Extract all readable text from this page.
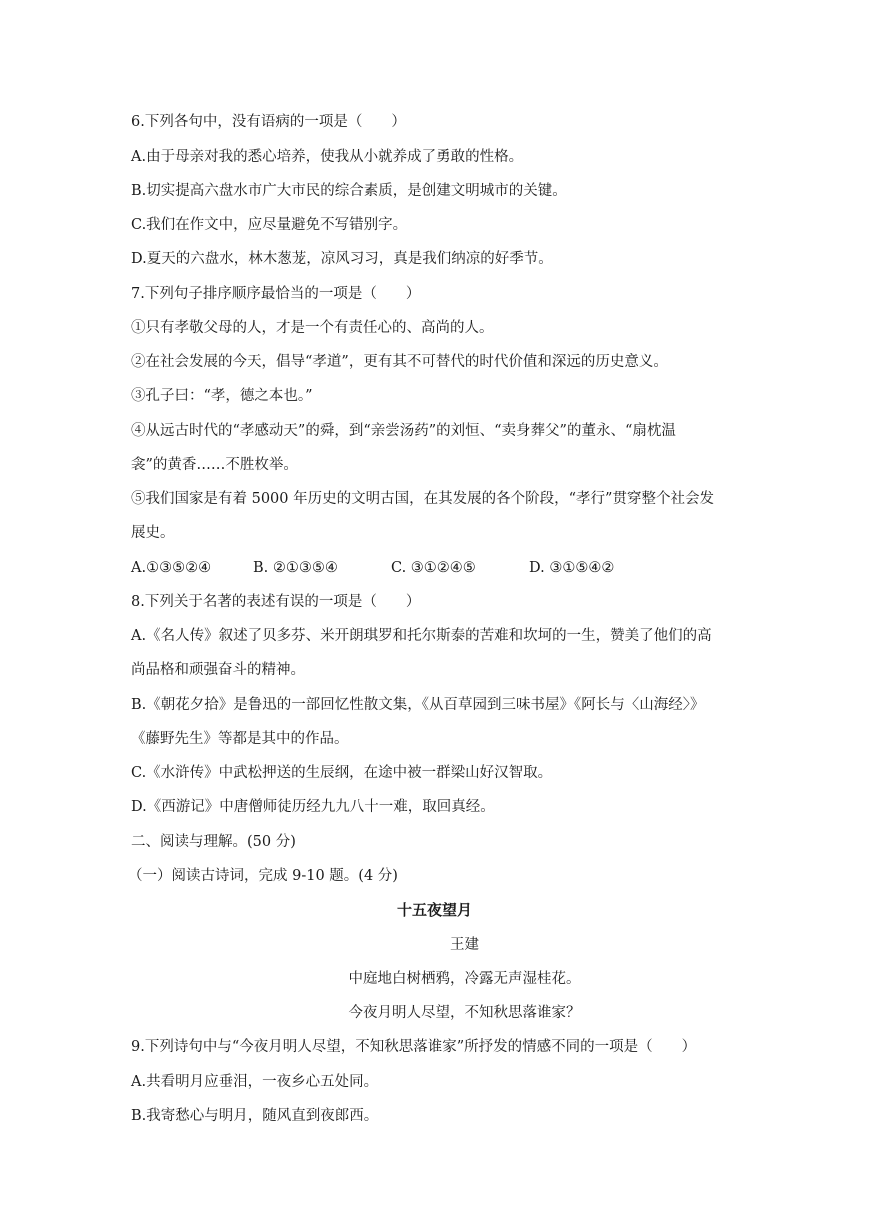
6.下列各句中，没有语病的一项是（　　）
A.由于母亲对我的悉心培养，使我从小就养成了勇敢的性格。
B.切实提高六盘水市广大市民的综合素质，是创建文明城市的关键。
C.我们在作文中，应尽量避免不写错别字。
D.夏天的六盘水，林木葱茏，凉风习习，真是我们纳凉的好季节。
7.下列句子排序顺序最恰当的一项是（　　）
①只有孝敬父母的人，才是一个有责任心的、高尚的人。
②在社会发展的今天，倡导“孝道”，更有其不可替代的时代价值和深远的历史意义。
③孔子曰：“孝，德之本也。”
④从远古时代的“孝感动天”的舜，到“亲尝汤药”的刘恒、“卖身葬父”的董永、“扇枕温
衾”的黄香……不胜枚举。
⑤我们国家是有着 5000 年历史的文明古国，在其发展的各个阶段，“孝行”贯穿整个社会发
展史。
A.①③⑤②④	B. ②①③⑤④	C. ③①②④⑤	D. ③①⑤④②
8.下列关于名著的表述有误的一项是（　　）
A.《名人传》叙述了贝多芬、米开朗琪罗和托尔斯泰的苦难和坎坷的一生，赞美了他们的高
尚品格和顽强奋斗的精神。
B.《朝花夕拾》是鲁迅的一部回忆性散文集，《从百草园到三味书屋》《阿长与〈山海经〉》
《藤野先生》等都是其中的作品。
C.《水浒传》中武松押送的生辰纲，在途中被一群梁山好汉智取。
D.《西游记》中唐僧师徒历经九九八十一难，取回真经。
二、阅读与理解。(50 分)
（一）阅读古诗词，完成 9-10 题。(4 分)
十五夜望月
王建
中庭地白树栖鸦，冷露无声湿桂花。
今夜月明人尽望，不知秋思落谁家？
9.下列诗句中与“今夜月明人尽望，不知秋思落谁家”所抒发的情感不同的一项是（　　）
A.共看明月应垂泪，一夜乡心五处同。
B.我寄愁心与明月，随风直到夜郎西。
